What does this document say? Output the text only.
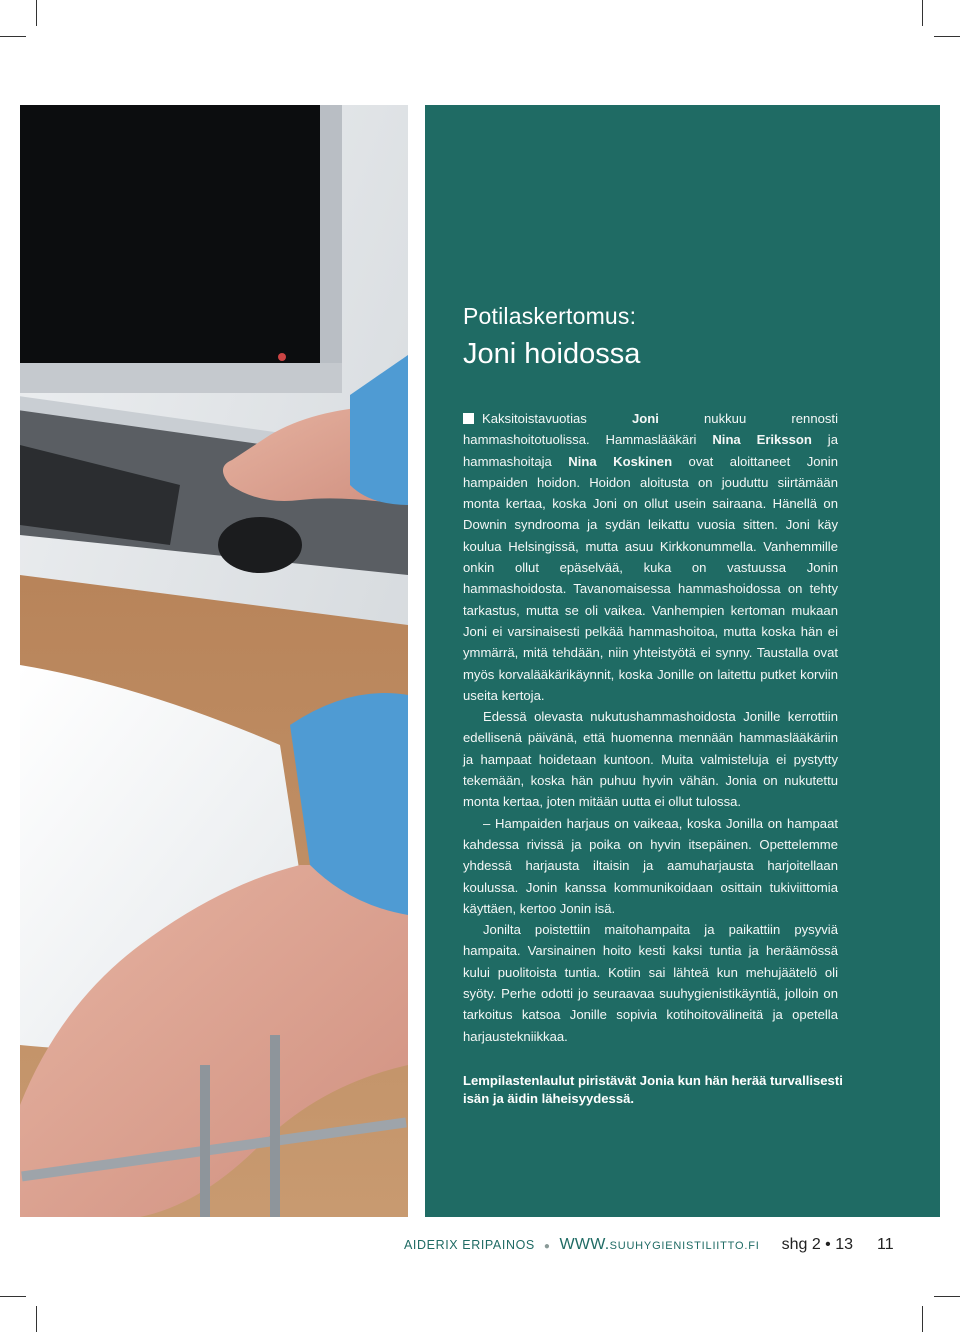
Potilaskertomus:
Joni hoidossa

Kaksitoistavuotias Joni nukkuu rennosti hammashoitotuolissa. Hammaslääkäri Nina Eriksson ja hammashoitaja Nina Koskinen ovat aloittaneet Jonin hampaiden hoidon. Hoidon aloitusta on jouduttu siirtämään monta kertaa, koska Joni on ollut usein sairaana. Hänellä on Downin syndrooma ja sydän leikattu vuosia sitten. Joni käy koulua Helsingissä, mutta asuu Kirkkonummella. Vanhemmille onkin ollut epäselvää, kuka on vastuussa Jonin hammashoidosta. Tavanomaisessa hammashoidossa on tehty tarkastus, mutta se oli vaikea. Vanhempien kertoman mukaan Joni ei varsinaisesti pelkää hammashoitoa, mutta koska hän ei ymmärrä, mitä tehdään, niin yhteistyötä ei synny. Taustalla ovat myös korvalääkärikäynnit, koska Jonille on laitettu putket korviin useita kertoja.

Edessä olevasta nukutushammashoidosta Jonille kerrottiin edellisenä päivänä, että huomenna mennään hammaslääkäriin ja hampaat hoidetaan kuntoon. Muita valmisteluja ei pystytty tekemään, koska hän puhuu hyvin vähän. Jonia on nukutettu monta kertaa, joten mitään uutta ei ollut tulossa.

– Hampaiden harjaus on vaikeaa, koska Jonilla on hampaat kahdessa rivissä ja poika on hyvin itsepäinen. Opettelemme yhdessä harjausta iltaisin ja aamuharjausta harjoitellaan koulussa. Jonin kanssa kommunikoidaan osittain tukiviittomia käyttäen, kertoo Jonin isä.

Jonilta poistettiin maitohampaita ja paikattiin pysyviä hampaita. Varsinainen hoito kesti kaksi tuntia ja heräämössä kului puolitoista tuntia. Kotiin sai lähteä kun mehujäätelö oli syöty. Perhe odotti jo seuraavaa suuhygienistikäyntiä, jolloin on tarkoitus katsoa Jonille sopivia kotihoitovälineitä ja opetella harjaustekniikkaa.

Lempilastenlaulut piristävät Jonia kun hän herää turvallisesti isän ja äidin läheisyydessä.
AIDERIX ERIPAINOS ● WWW.SUUHYGIENISTILIITTO.FI shg 2 • 13 11
